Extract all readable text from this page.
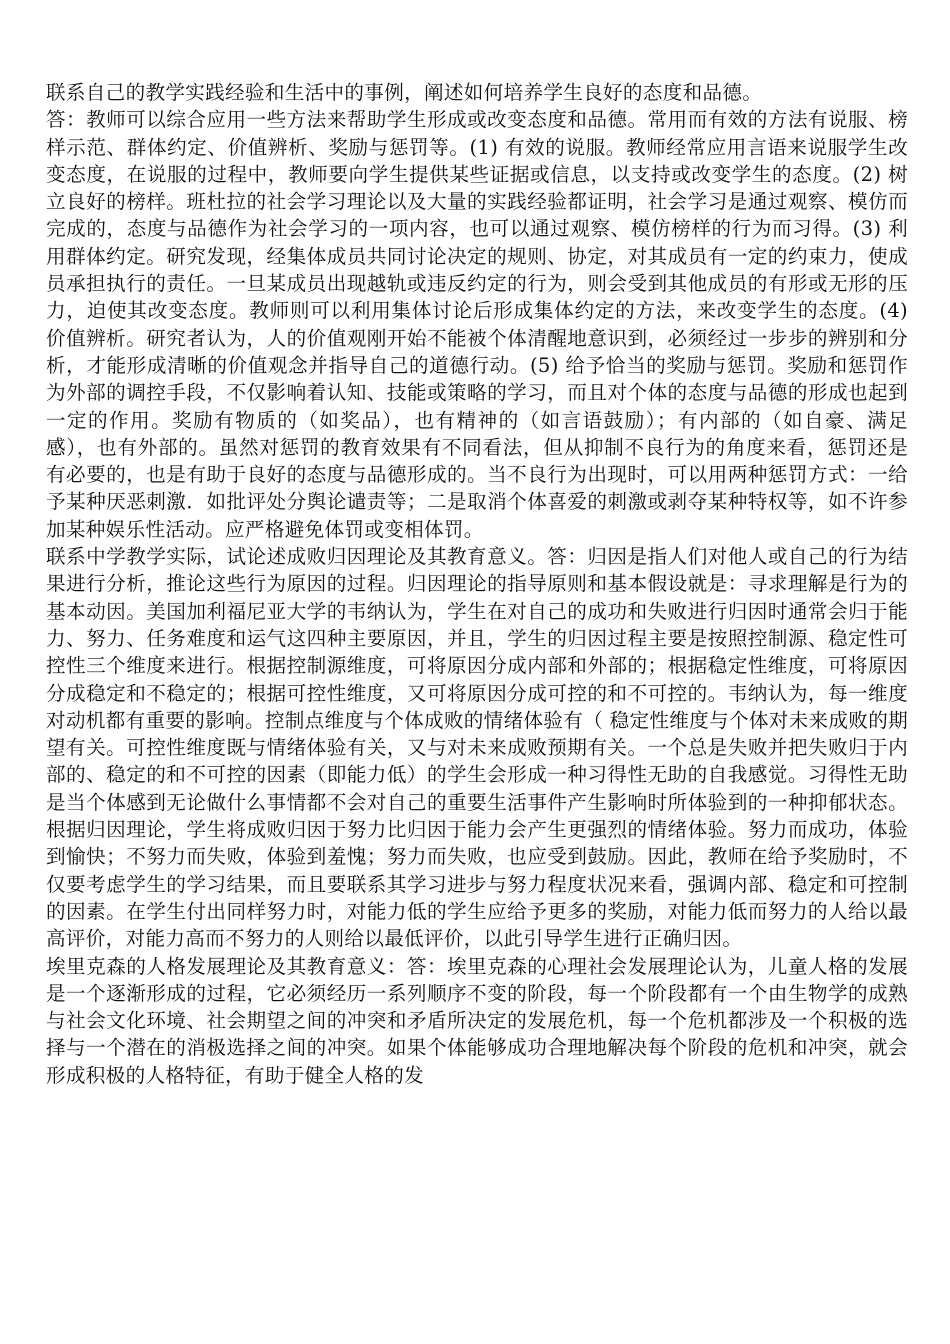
联系自己的教学实践经验和生活中的事例，阐述如何培养学生良好的态度和品德。

答：教师可以综合应用一些方法来帮助学生形成或改变态度和品德。常用而有效的方法有说服、榜样示范、群体约定、价值辨析、奖励与惩罚等。(1) 有效的说服。教师经常应用言语来说服学生改变态度，在说服的过程中，教师要向学生提供某些证据或信息，以支持或改变学生的态度。(2) 树立良好的榜样。班杜拉的社会学习理论以及大量的实践经验都证明，社会学习是通过观察、模仿而完成的，态度与品德作为社会学习的一项内容，也可以通过观察、模仿榜样的行为而习得。(3) 利用群体约定。研究发现，经集体成员共同讨论决定的规则、协定，对其成员有一定的约束力，使成员承担执行的责任。一旦某成员出现越轨或违反约定的行为，则会受到其他成员的有形或无形的压力，迫使其改变态度。教师则可以利用集体讨论后形成集体约定的方法，来改变学生的态度。(4) 价值辨析。研究者认为，人的价值观刚开始不能被个体清醒地意识到，必须经过一步步的辨别和分析，才能形成清晰的价值观念并指导自己的道德行动。(5) 给予恰当的奖励与惩罚。奖励和惩罚作为外部的调控手段，不仅影响着认知、技能或策略的学习，而且对个体的态度与品德的形成也起到一定的作用。奖励有物质的（如奖品），也有精神的（如言语鼓励）；有内部的（如自豪、满足感），也有外部的。虽然对惩罚的教育效果有不同看法，但从抑制不良行为的角度来看，惩罚还是有必要的，也是有助于良好的态度与品德形成的。当不良行为出现时，可以用两种惩罚方式：一给予某种厌恶刺激．如批评处分舆论谴责等；二是取消个体喜爱的刺激或剥夺某种特权等，如不许参加某种娱乐性活动。应严格避免体罚或变相体罚。

联系中学教学实际，试论述成败归因理论及其教育意义。答：归因是指人们对他人或自己的行为结果进行分析，推论这些行为原因的过程。归因理论的指导原则和基本假设就是：寻求理解是行为的基本动因。美国加利福尼亚大学的韦纳认为，学生在对自己的成功和失败进行归因时通常会归于能力、努力、任务难度和运气这四种主要原因，并且，学生的归因过程主要是按照控制源、稳定性可控性三个维度来进行。根据控制源维度，可将原因分成内部和外部的；根据稳定性维度，可将原因分成稳定和不稳定的；根据可控性维度，又可将原因分成可控的和不可控的。韦纳认为，每一维度对动机都有重要的影响。控制点维度与个体成败的情绪体验有（ 稳定性维度与个体对未来成败的期望有关。可控性维度既与情绪体验有关，又与对未来成败预期有关。一个总是失败并把失败归于内部的、稳定的和不可控的因素（即能力低）的学生会形成一种习得性无助的自我感觉。习得性无助是当个体感到无论做什么事情都不会对自己的重要生活事件产生影响时所体验到的一种抑郁状态。根据归因理论，学生将成败归因于努力比归因于能力会产生更强烈的情绪体验。努力而成功，体验到愉快；不努力而失败，体验到羞愧；努力而失败，也应受到鼓励。因此，教师在给予奖励时，不仅要考虑学生的学习结果，而且要联系其学习进步与努力程度状况来看，强调内部、稳定和可控制的因素。在学生付出同样努力时，对能力低的学生应给予更多的奖励，对能力低而努力的人给以最高评价，对能力高而不努力的人则给以最低评价，以此引导学生进行正确归因。

埃里克森的人格发展理论及其教育意义：答：埃里克森的心理社会发展理论认为，儿童人格的发展是一个逐渐形成的过程，它必须经历一系列顺序不变的阶段，每一个阶段都有一个由生物学的成熟与社会文化环境、社会期望之间的冲突和矛盾所决定的发展危机，每一个危机都涉及一个积极的选择与一个潜在的消极选择之间的冲突。如果个体能够成功合理地解决每个阶段的危机和冲突，就会形成积极的人格特征，有助于健全人格的发
